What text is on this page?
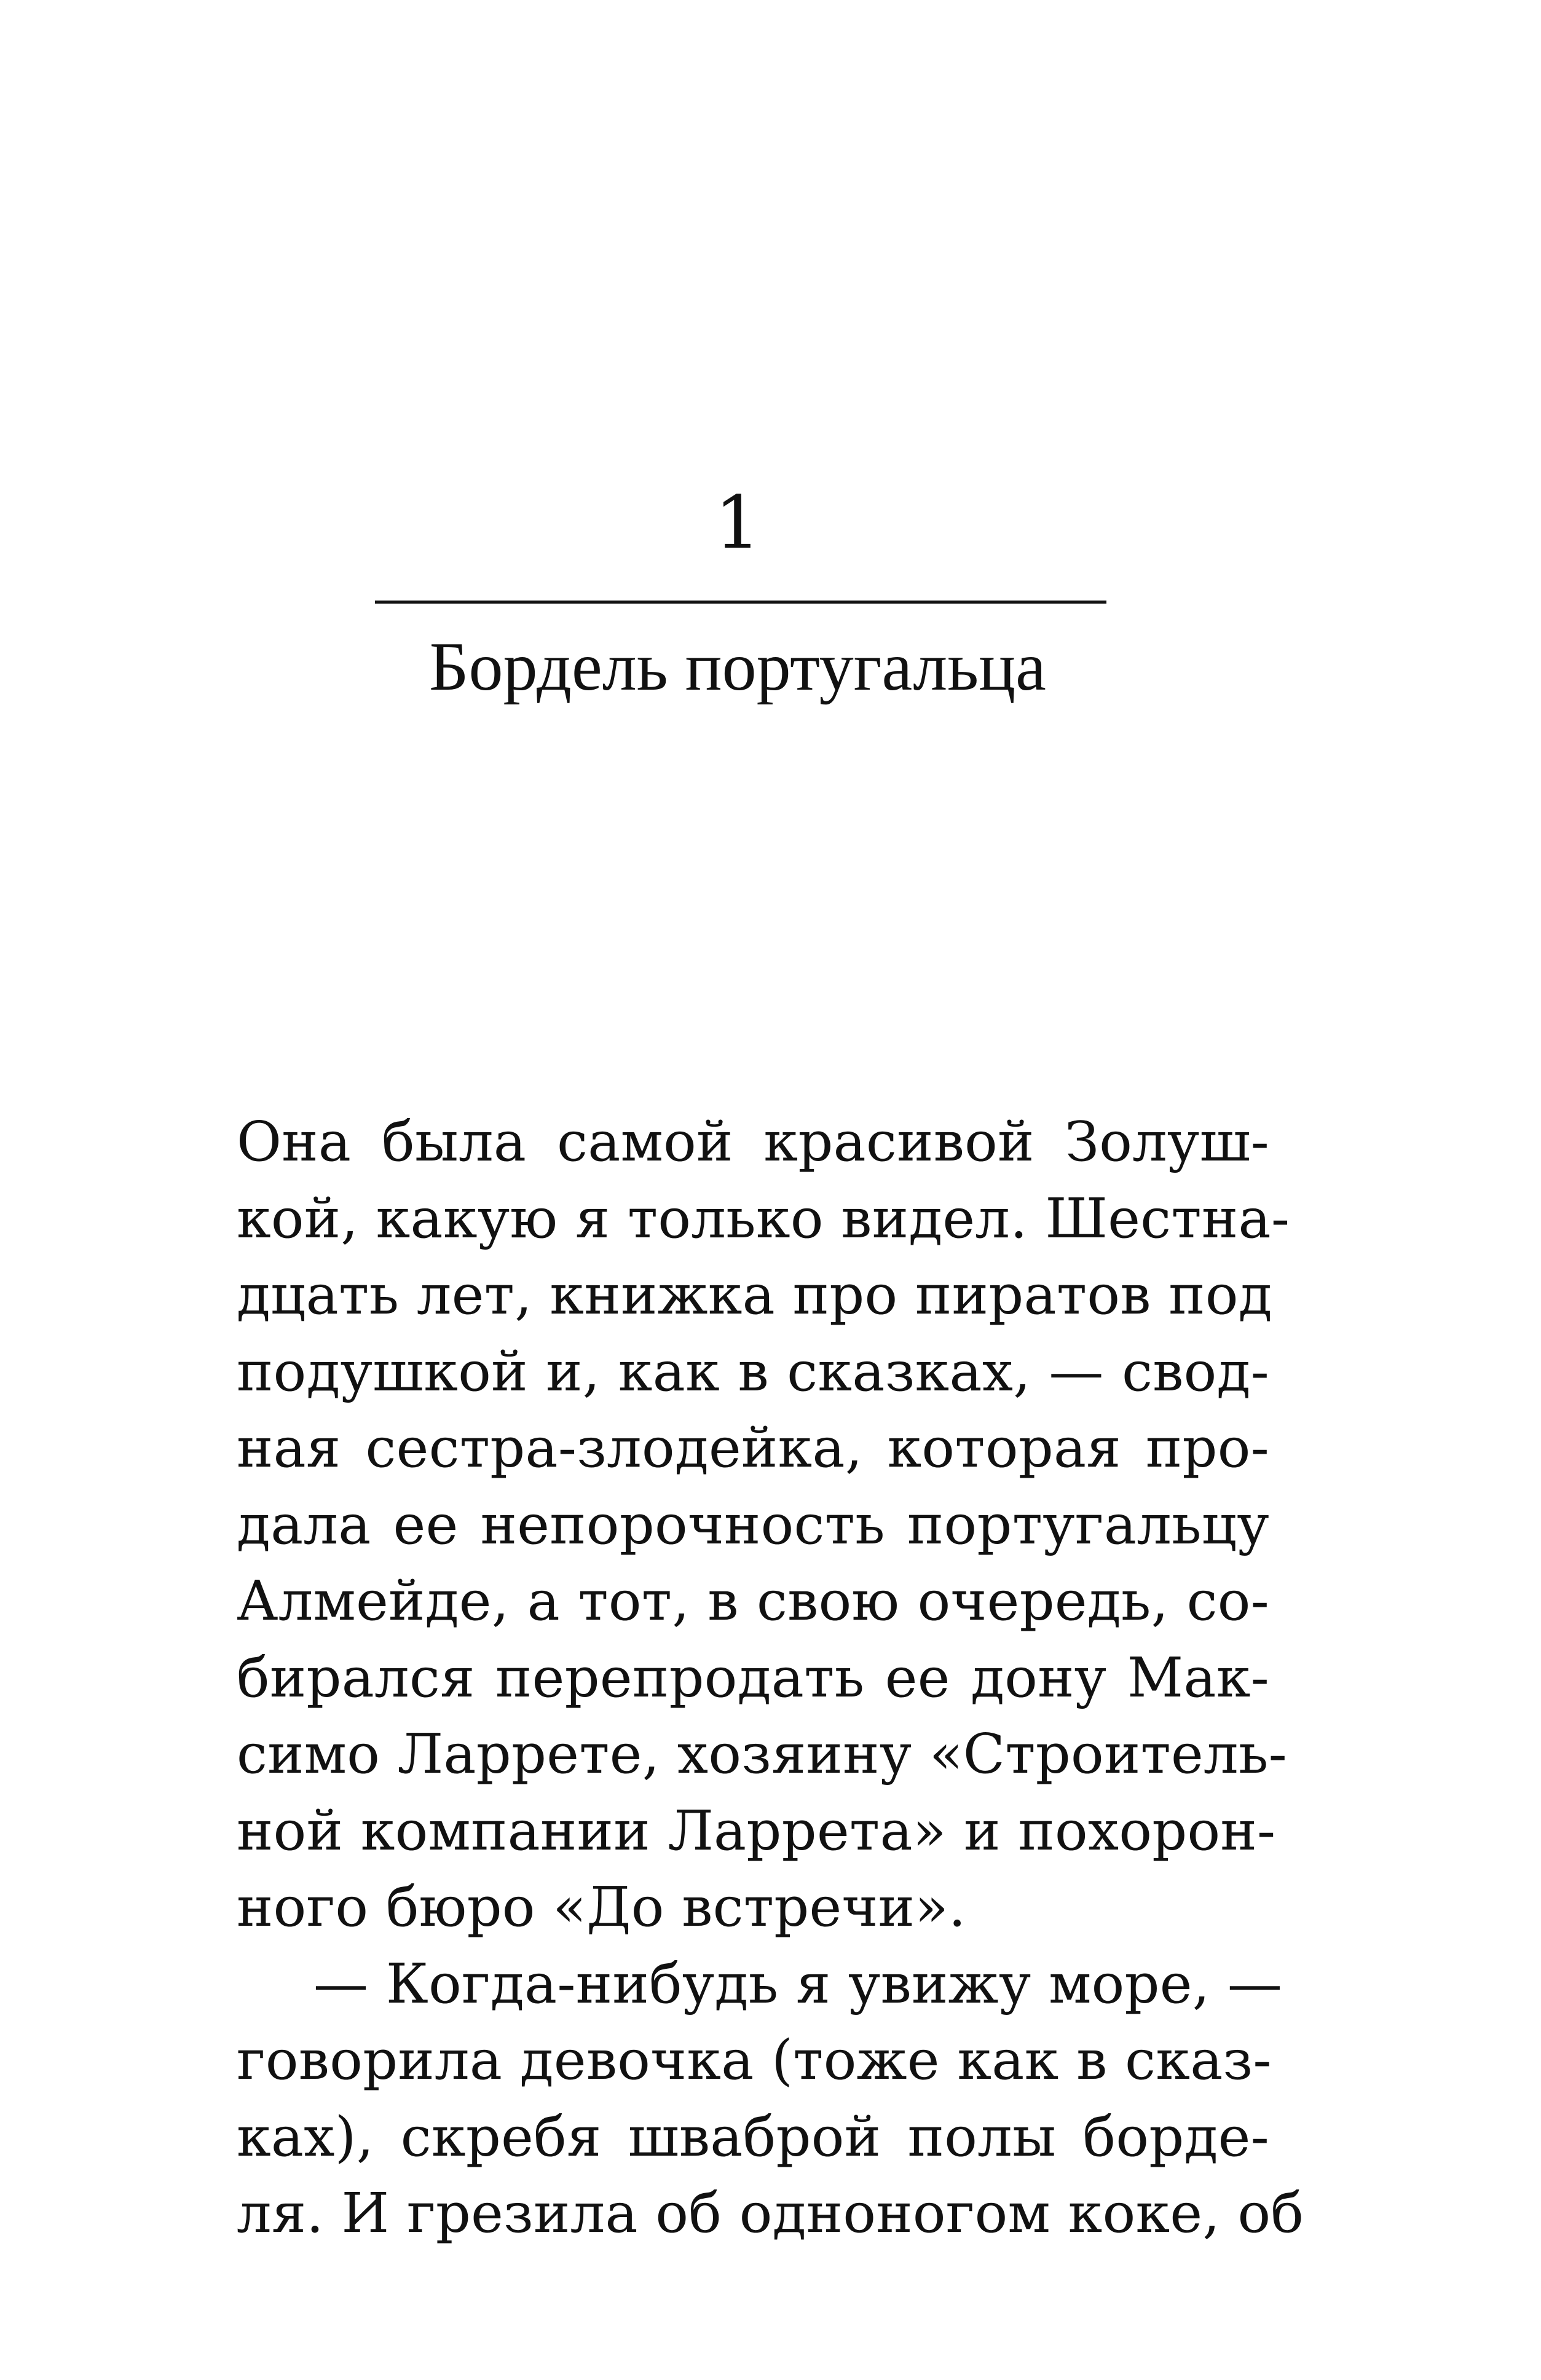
1
Бордель португальца
Она была самой красивой Золуш-
кой, какую я только видел. Шестна-
дцать лет, книжка про пиратов под
подушкой и, как в сказках, — свод-
ная сестра-злодейка, которая про-
дала ее непорочность португальцу
Алмейде, а тот, в свою очередь, со-
бирался перепродать ее дону Мак-
симо Ларрете, хозяину «Строитель-
ной компании Ларрета» и похорон-
ного бюро «До встречи».
— Когда-нибудь я увижу море, —
говорила девочка (тоже как в сказ-
ках), скребя шваброй полы борде-
ля. И грезила об одноногом коке, об
